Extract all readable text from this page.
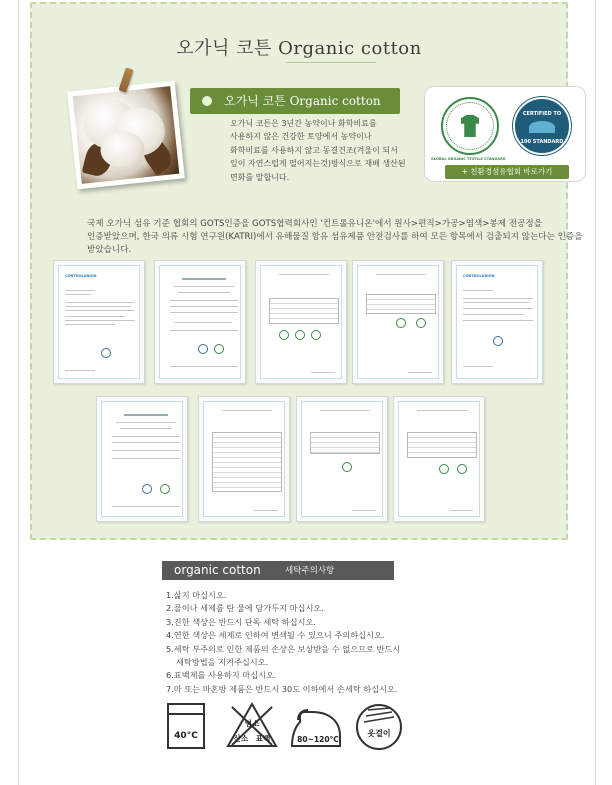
오가닉 코튼 Organic cotton
오가닉 코튼 Organic cotton
오가닉 코튼은 3년간 농약이나 화학비료를 사용하지 않은 건강한 토양에서 농약이나 화학비료를 사용하지 않고 동결건조(겨울이 되서 잎이 자연스럽게 떨어지는것)방식으로 재배 생산된 면화를 말합니다.
CERTIFIED TO
100 STANDARD
GLOBAL ORGANIC TEXTILE STANDARD
+ 친환경섬유협회 바로가기
국제 오가닉 섬유 기준 협회의 GOTS인증을 GOTS협력회사인 '컨트롤유니온'에서 원사>편직>가공>염색>봉제 전공정을 인증받았으며, 한국 의류 시험 연구원(KATRI)에서 유해물질 함유 섬유제품 안전검사를 하여 모든 항목에서 검출되지 않는다는 인증을 받았습니다.
CONTROLUNION	CONTROLUNION
organic cotton	세탁주의사항
1.삶지 마십시오.
2.물이나 세제를 탄 물에 담가두지 마십시오.
3.진한 색상은 반드시 단독 세탁 하십시오.
4.연한 색상은 세제로 인하여 변색될 수 있으니 주의하십시오.
5.세탁 부주의로 인한 제품의 손상은 보상받을 수 없으므로 반드시
세탁방법을 지켜주십시오.
6.표백제를 사용하지 마십시오.
7.마 또는 마혼방 제품은 반드시 30도 이하에서 손세탁 하십시오.
40°C
염소
산소 표백	80~120°C
옷걸이
